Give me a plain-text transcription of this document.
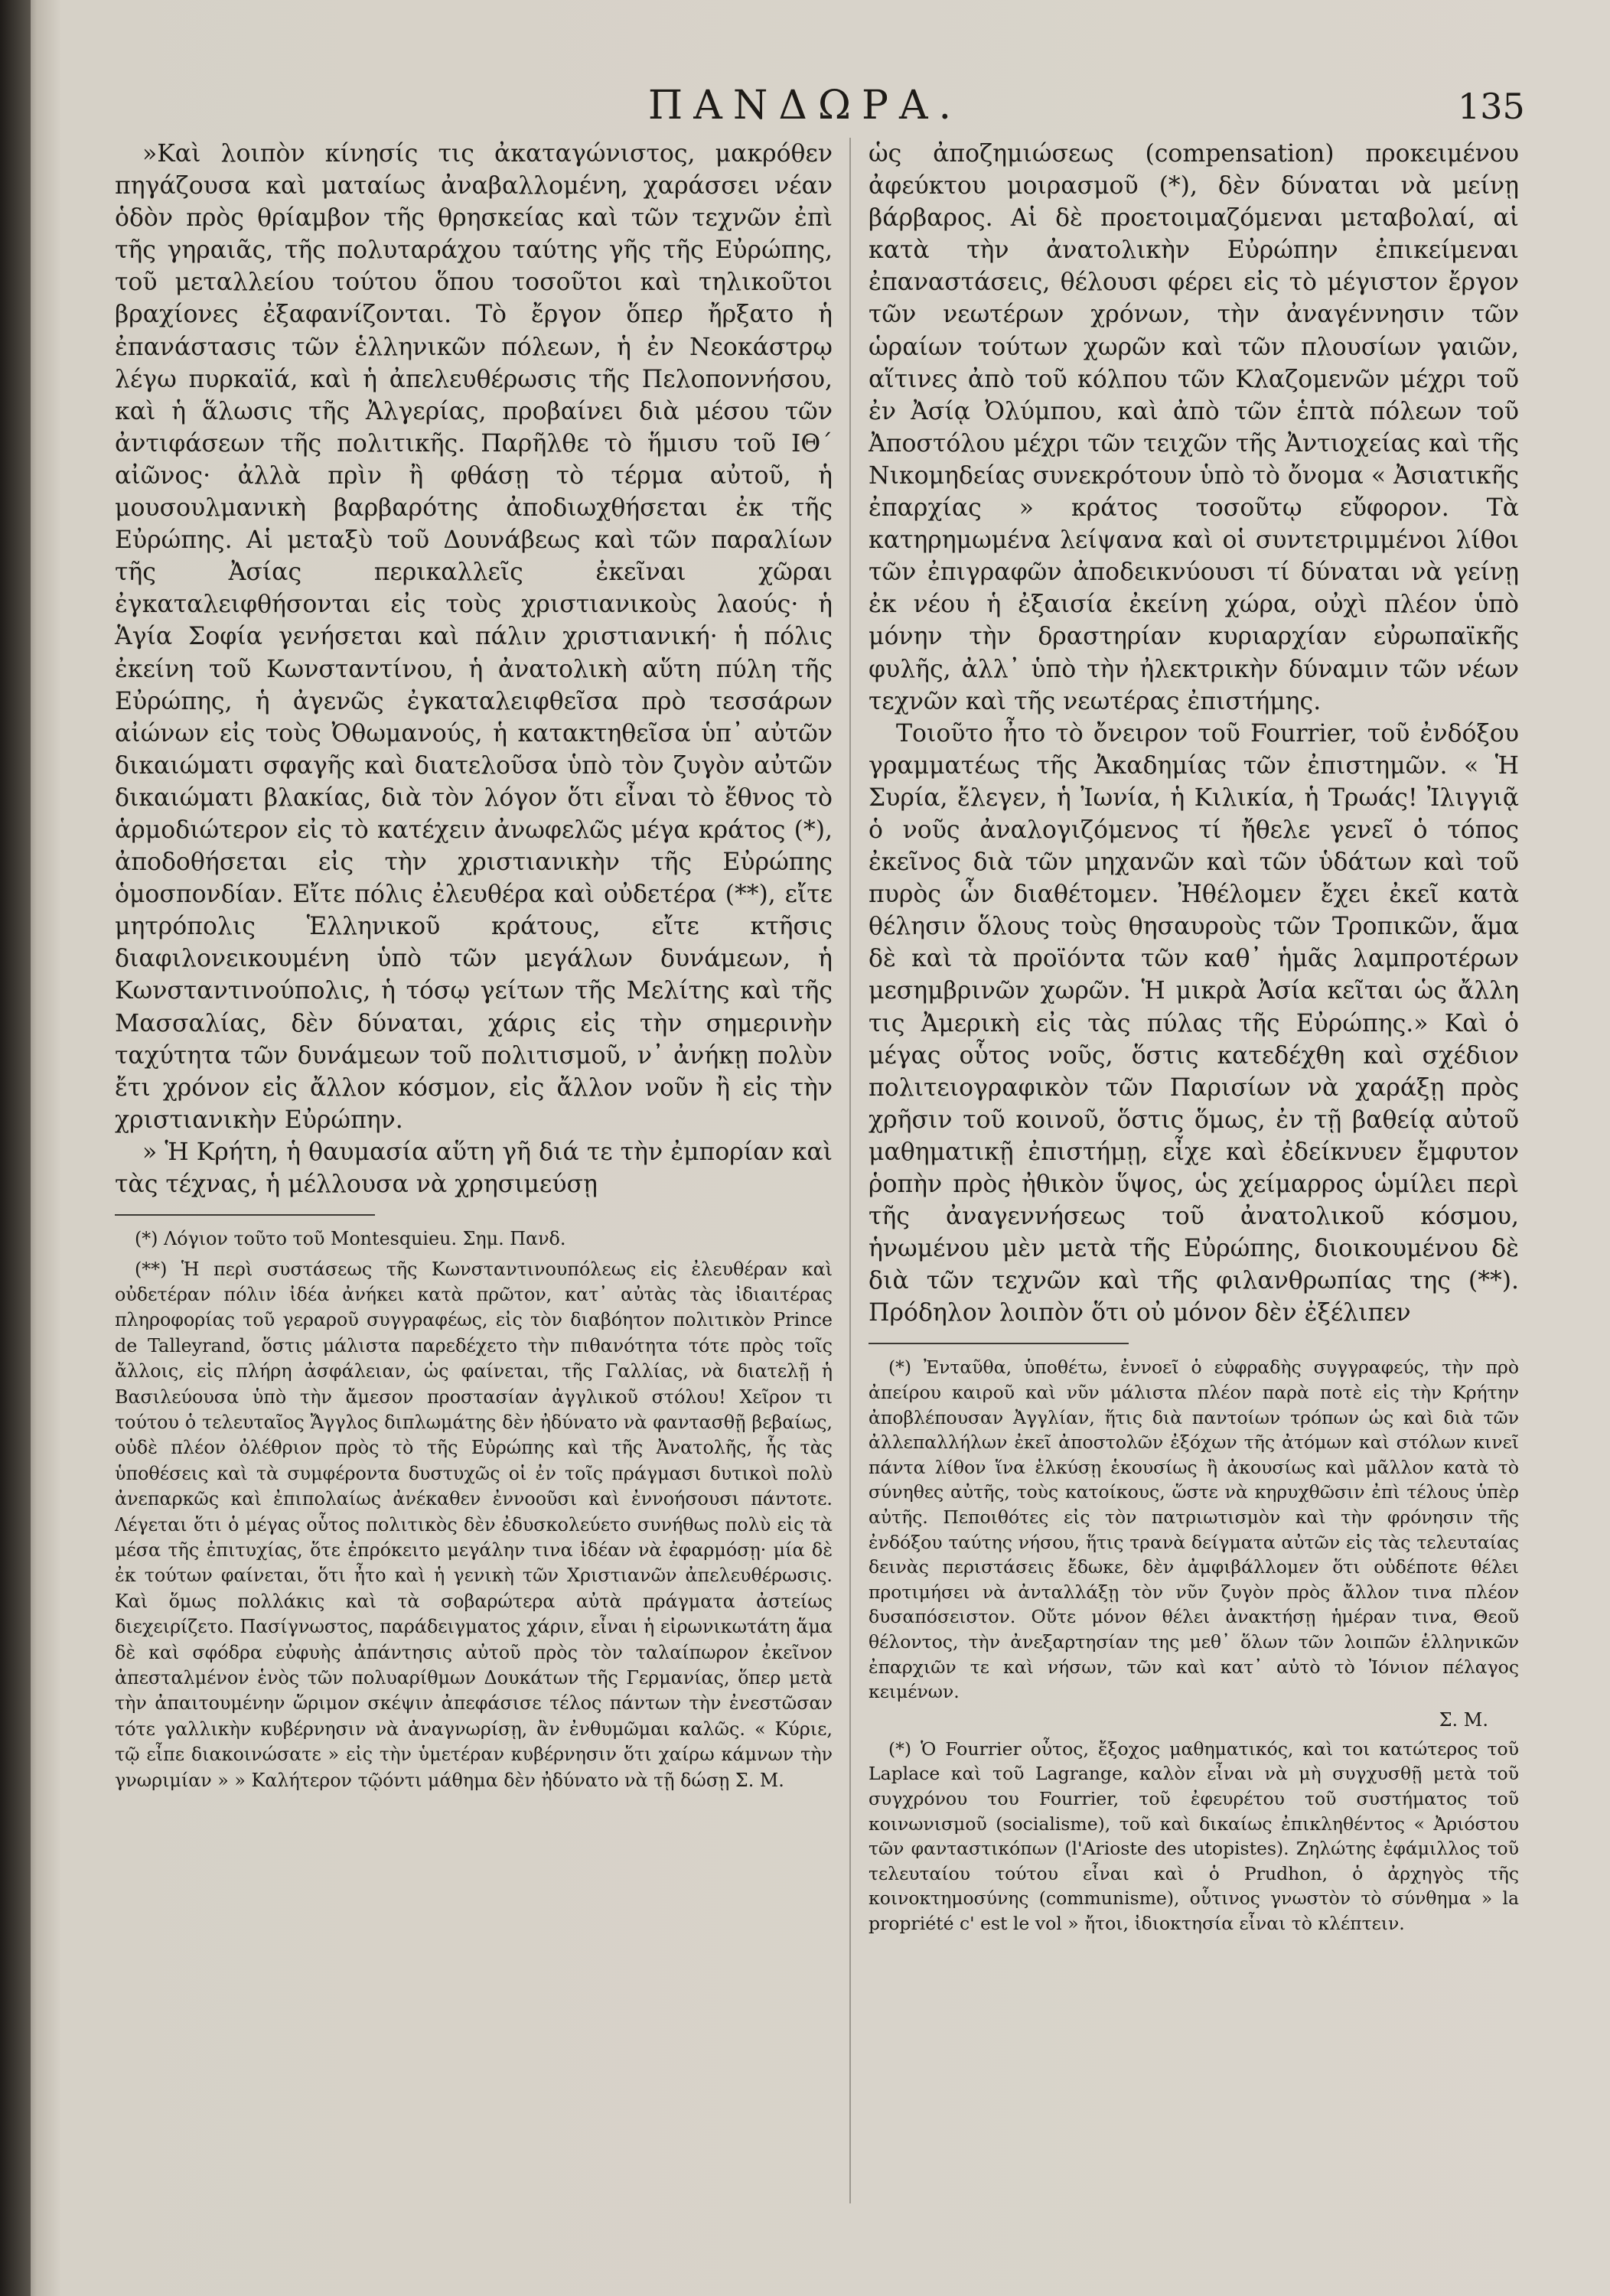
ΠΑΝΔΩΡΑ.	135

»Καὶ λοιπὸν κίνησίς τις ἀκαταγώνιστος, μακρόθεν πηγάζουσα καὶ ματαίως ἀναβαλλομένη, χαράσσει νέαν ὁδὸν πρὸς θρίαμβον τῆς θρησκείας καὶ τῶν τεχνῶν ἐπὶ τῆς γηραιᾶς, τῆς πολυταράχου ταύτης γῆς τῆς Εὐρώπης, τοῦ μεταλλείου τούτου ὅπου τοσοῦτοι καὶ τηλικοῦτοι βραχίονες ἐξαφανίζονται. Τὸ ἔργον ὅπερ ἤρξατο ἡ ἐπανάστασις τῶν ἑλληνικῶν πόλεων, ἡ ἐν Νεοκάστρῳ λέγω πυρκαϊά, καὶ ἡ ἀπελευθέρωσις τῆς Πελοποννήσου, καὶ ἡ ἅλωσις τῆς Ἀλγερίας, προβαίνει διὰ μέσου τῶν ἀντιφάσεων τῆς πολιτικῆς. Παρῆλθε τὸ ἥμισυ τοῦ ΙΘ΄ αἰῶνος· ἀλλὰ πρὶν ἢ φθάσῃ τὸ τέρμα αὐτοῦ, ἡ μουσουλμανικὴ βαρβαρότης ἀποδιωχθήσεται ἐκ τῆς Εὐρώπης. Αἱ μεταξὺ τοῦ Δουνάβεως καὶ τῶν παραλίων τῆς Ἀσίας περικαλλεῖς ἐκεῖναι χῶραι ἐγκαταλειφθήσονται εἰς τοὺς χριστιανικοὺς λαούς· ἡ Ἁγία Σοφία γενήσεται καὶ πάλιν χριστιανική· ἡ πόλις ἐκείνη τοῦ Κωνσταντίνου, ἡ ἀνατολικὴ αὕτη πύλη τῆς Εὐρώπης, ἡ ἀγενῶς ἐγκαταλειφθεῖσα πρὸ τεσσάρων αἰώνων εἰς τοὺς Ὀθωμανούς, ἡ κατακτηθεῖσα ὑπ᾽ αὐτῶν δικαιώματι σφαγῆς καὶ διατελοῦσα ὑπὸ τὸν ζυγὸν αὐτῶν δικαιώματι βλακίας, διὰ τὸν λόγον ὅτι εἶναι τὸ ἔθνος τὸ ἁρμοδιώτερον εἰς τὸ κατέχειν ἀνωφελῶς μέγα κράτος (*), ἀποδοθήσεται εἰς τὴν χριστιανικὴν τῆς Εὐρώπης ὁμοσπονδίαν. Εἴτε πόλις ἐλευθέρα καὶ οὐδετέρα (**), εἴτε μητρόπολις Ἑλληνικοῦ κράτους, εἴτε κτῆσις διαφιλονεικουμένη ὑπὸ τῶν μεγάλων δυνάμεων, ἡ Κωνσταντινούπολις, ἡ τόσῳ γείτων τῆς Μελίτης καὶ τῆς Μασσαλίας, δὲν δύναται, χάρις εἰς τὴν σημερινὴν ταχύτητα τῶν δυνάμεων τοῦ πολιτισμοῦ, ν᾽ ἀνήκῃ πολὺν ἔτι χρόνον εἰς ἄλλον κόσμον, εἰς ἄλλον νοῦν ἢ εἰς τὴν χριστιανικὴν Εὐρώπην.

» Ἡ Κρήτη, ἡ θαυμασία αὕτη γῆ διά τε τὴν ἐμπορίαν καὶ τὰς τέχνας, ἡ μέλλουσα νὰ χρησιμεύσῃ

(*) Λόγιον τοῦτο τοῦ Montesquieu. Σημ. Πανδ.

(**) Ἡ περὶ συστάσεως τῆς Κωνσταντινουπόλεως εἰς ἐλευθέραν καὶ οὐδετέραν πόλιν ἰδέα ἀνήκει κατὰ πρῶτον, κατ᾽ αὐτὰς τὰς ἰδιαιτέρας πληροφορίας τοῦ γεραροῦ συγγραφέως, εἰς τὸν διαβόητον πολιτικὸν Prince de Talleyrand, ὅστις μάλιστα παρεδέχετο τὴν πιθανότητα τότε πρὸς τοῖς ἄλλοις, εἰς πλήρη ἀσφάλειαν, ὡς φαίνεται, τῆς Γαλλίας, νὰ διατελῇ ἡ Βασιλεύουσα ὑπὸ τὴν ἄμεσον προστασίαν ἀγγλικοῦ στόλου! Χεῖρον τι τούτου ὁ τελευταῖος Ἄγγλος διπλωμάτης δὲν ἠδύνατο νὰ φαντασθῇ βεβαίως, οὐδὲ πλέον ὀλέθριον πρὸς τὸ τῆς Εὐρώπης καὶ τῆς Ἀνατολῆς, ἧς τὰς ὑποθέσεις καὶ τὰ συμφέροντα δυστυχῶς οἱ ἐν τοῖς πράγμασι δυτικοὶ πολὺ ἀνεπαρκῶς καὶ ἐπιπολαίως ἀνέκαθεν ἐννοοῦσι καὶ ἐννοήσουσι πάντοτε. Λέγεται ὅτι ὁ μέγας οὗτος πολιτικὸς δὲν ἐδυσκολεύετο συνήθως πολὺ εἰς τὰ μέσα τῆς ἐπιτυχίας, ὅτε ἐπρόκειτο μεγάλην τινα ἰδέαν νὰ ἐφαρμόσῃ· μία δὲ ἐκ τούτων φαίνεται, ὅτι ἦτο καὶ ἡ γενικὴ τῶν Χριστιανῶν ἀπελευθέρωσις. Καὶ ὅμως πολλάκις καὶ τὰ σοβαρώτερα αὐτὰ πράγματα ἀστείως διεχειρίζετο. Πασίγνωστος, παράδειγματος χάριν, εἶναι ἡ εἰρωνικωτάτη ἅμα δὲ καὶ σφόδρα εὐφυὴς ἀπάντησις αὐτοῦ πρὸς τὸν ταλαίπωρον ἐκεῖνον ἀπεσταλμένον ἑνὸς τῶν πολυαρίθμων Δουκάτων τῆς Γερμανίας, ὅπερ μετὰ τὴν ἀπαιτουμένην ὥριμον σκέψιν ἀπεφάσισε τέλος πάντων τὴν ἐνεστῶσαν τότε γαλλικὴν κυβέρνησιν νὰ ἀναγνωρίσῃ, ἂν ἐνθυμῶμαι καλῶς. « Κύριε, τῷ εἶπε διακοινώσατε » εἰς τὴν ὑμετέραν κυβέρνησιν ὅτι χαίρω κάμνων τὴν γνωριμίαν » » Καλήτερον τῷόντι μάθημα δὲν ἠδύνατο νὰ τῇ δώσῃ Σ. Μ.

ὡς ἀποζημιώσεως (compensation) προκειμένου ἀφεύκτου μοιρασμοῦ (*), δὲν δύναται νὰ μείνῃ βάρβαρος. Αἱ δὲ προετοιμαζόμεναι μεταβολαί, αἱ κατὰ τὴν ἀνατολικὴν Εὐρώπην ἐπικείμεναι ἐπαναστάσεις, θέλουσι φέρει εἰς τὸ μέγιστον ἔργον τῶν νεωτέρων χρόνων, τὴν ἀναγέννησιν τῶν ὡραίων τούτων χωρῶν καὶ τῶν πλουσίων γαιῶν, αἵτινες ἀπὸ τοῦ κόλπου τῶν Κλαζομενῶν μέχρι τοῦ ἐν Ἀσίᾳ Ὀλύμπου, καὶ ἀπὸ τῶν ἑπτὰ πόλεων τοῦ Ἀποστόλου μέχρι τῶν τειχῶν τῆς Ἀντιοχείας καὶ τῆς Νικομηδείας συνεκρότουν ὑπὸ τὸ ὄνομα « Ἀσιατικῆς ἐπαρχίας » κράτος τοσοῦτῳ εὔφορον. Τὰ κατηρημωμένα λείψανα καὶ οἱ συντετριμμένοι λίθοι τῶν ἐπιγραφῶν ἀποδεικνύουσι τί δύναται νὰ γείνῃ ἐκ νέου ἡ ἐξαισία ἐκείνη χώρα, οὐχὶ πλέον ὑπὸ μόνην τὴν δραστηρίαν κυριαρχίαν εὐρωπαϊκῆς φυλῆς, ἀλλ᾽ ὑπὸ τὴν ἠλεκτρικὴν δύναμιν τῶν νέων τεχνῶν καὶ τῆς νεωτέρας ἐπιστήμης.

Τοιοῦτο ἦτο τὸ ὄνειρον τοῦ Fourrier, τοῦ ἐνδόξου γραμματέως τῆς Ἀκαδημίας τῶν ἐπιστημῶν. « Ἡ Συρία, ἔλεγεν, ἡ Ἰωνία, ἡ Κιλικία, ἡ Τρωάς! Ἰλιγγιᾷ ὁ νοῦς ἀναλογιζόμενος τί ἤθελε γενεῖ ὁ τόπος ἐκεῖνος διὰ τῶν μηχανῶν καὶ τῶν ὑδάτων καὶ τοῦ πυρὸς ὧν διαθέτομεν. Ἠθέλομεν ἔχει ἐκεῖ κατὰ θέλησιν ὅλους τοὺς θησαυροὺς τῶν Τροπικῶν, ἅμα δὲ καὶ τὰ προϊόντα τῶν καθ᾽ ἡμᾶς λαμπροτέρων μεσημβρινῶν χωρῶν. Ἡ μικρὰ Ἀσία κεῖται ὡς ἄλλη τις Ἀμερικὴ εἰς τὰς πύλας τῆς Εὐρώπης.» Καὶ ὁ μέγας οὗτος νοῦς, ὅστις κατεδέχθη καὶ σχέδιον πολιτειογραφικὸν τῶν Παρισίων νὰ χαράξῃ πρὸς χρῆσιν τοῦ κοινοῦ, ὅστις ὅμως, ἐν τῇ βαθείᾳ αὐτοῦ μαθηματικῇ ἐπιστήμῃ, εἶχε καὶ ἐδείκνυεν ἔμφυτον ῥοπὴν πρὸς ἠθικὸν ὕψος, ὡς χείμαρρος ὡμίλει περὶ τῆς ἀναγεννήσεως τοῦ ἀνατολικοῦ κόσμου, ἡνωμένου μὲν μετὰ τῆς Εὐρώπης, διοικουμένου δὲ διὰ τῶν τεχνῶν καὶ τῆς φιλανθρωπίας της (**). Πρόδηλον λοιπὸν ὅτι οὐ μόνον δὲν ἐξέλιπεν

(*) Ἐνταῦθα, ὑποθέτω, ἐννοεῖ ὁ εὐφραδὴς συγγραφεύς, τὴν πρὸ ἀπείρου καιροῦ καὶ νῦν μάλιστα πλέον παρὰ ποτὲ εἰς τὴν Κρήτην ἀποβλέπουσαν Ἀγγλίαν, ἥτις διὰ παντοίων τρόπων ὡς καὶ διὰ τῶν ἀλλεπαλλήλων ἐκεῖ ἀποστολῶν ἐξόχων τῆς ἀτόμων καὶ στόλων κινεῖ πάντα λίθον ἵνα ἑλκύσῃ ἑκουσίως ἢ ἀκουσίως καὶ μᾶλλον κατὰ τὸ σύνηθες αὐτῆς, τοὺς κατοίκους, ὥστε νὰ κηρυχθῶσιν ἐπὶ τέλους ὑπὲρ αὐτῆς. Πεποιθότες εἰς τὸν πατριωτισμὸν καὶ τὴν φρόνησιν τῆς ἐνδόξου ταύτης νήσου, ἥτις τρανὰ δείγματα αὐτῶν εἰς τὰς τελευταίας δεινὰς περιστάσεις ἔδωκε, δὲν ἀμφιβάλλομεν ὅτι οὐδέποτε θέλει προτιμήσει νὰ ἀνταλλάξῃ τὸν νῦν ζυγὸν πρὸς ἄλλον τινα πλέον δυσαπόσειστον. Οὔτε μόνον θέλει ἀνακτήσῃ ἡμέραν τινα, Θεοῦ θέλοντος, τὴν ἀνεξαρτησίαν της μεθ᾽ ὅλων τῶν λοιπῶν ἑλληνικῶν ἐπαρχιῶν τε καὶ νήσων, τῶν καὶ κατ᾽ αὐτὸ τὸ Ἰόνιον πέλαγος κειμένων.

Σ. Μ.

(*) Ὁ Fourrier οὗτος, ἔξοχος μαθηματικός, καὶ τοι κατώτερος τοῦ Laplace καὶ τοῦ Lagrange, καλὸν εἶναι νὰ μὴ συγχυσθῇ μετὰ τοῦ συγχρόνου του Fourrier, τοῦ ἐφευρέτου τοῦ συστήματος τοῦ κοινωνισμοῦ (socialisme), τοῦ καὶ δικαίως ἐπικληθέντος « Ἀριόστου τῶν φανταστικόπων (l'Arioste des utopistes). Ζηλώτης ἐφάμιλλος τοῦ τελευταίου τούτου εἶναι καὶ ὁ Prudhon, ὁ ἀρχηγὸς τῆς κοινοκτημοσύνης (communisme), οὗτινος γνωστὸν τὸ σύνθημα » la propriété c' est le vol » ἤτοι, ἰδιοκτησία εἶναι τὸ κλέπτειν.
